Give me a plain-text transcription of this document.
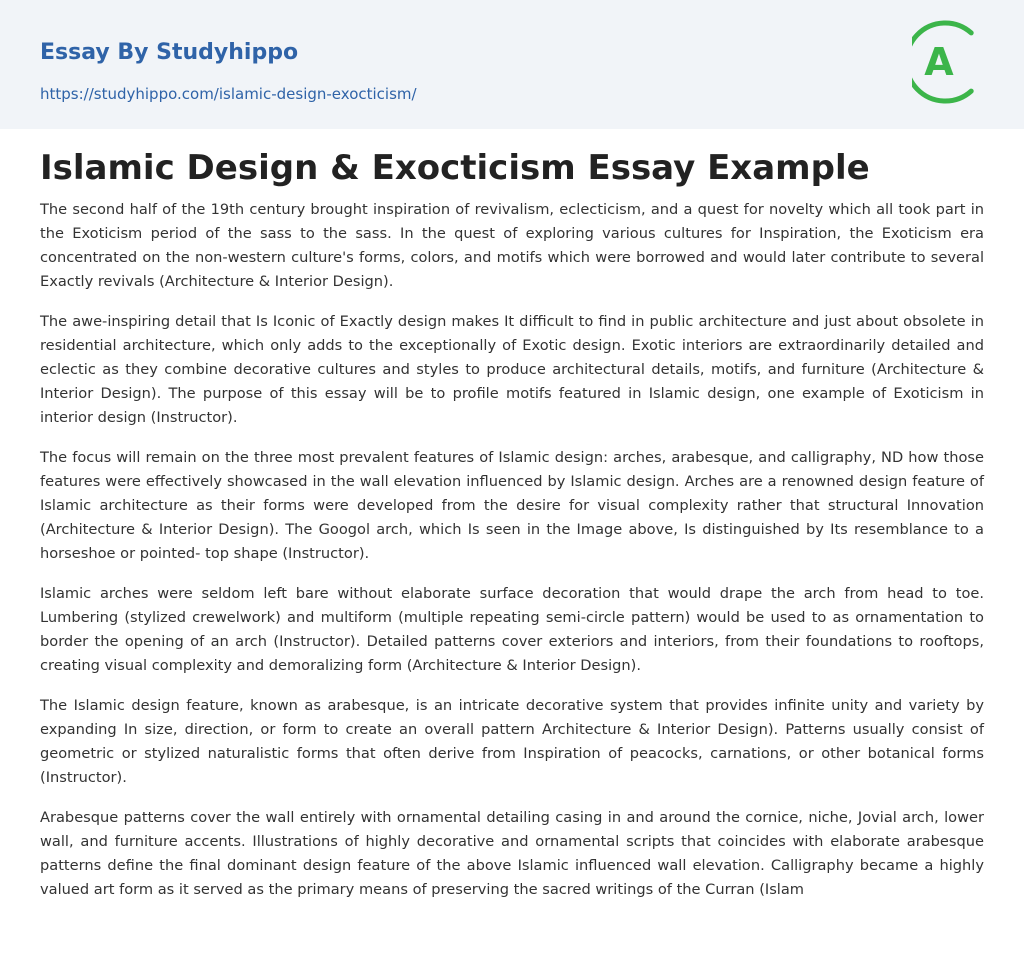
Essay By Studyhippo
https://studyhippo.com/islamic-design-exocticism/
A
Islamic Design & Exocticism Essay Example

The second half of the 19th century brought inspiration of revivalism, eclecticism, and a quest for novelty which all took part in the Exoticism period of the sass to the sass. In the quest of exploring various cultures for Inspiration, the Exoticism era concentrated on the non-western culture's forms, colors, and motifs which were borrowed and would later contribute to several Exactly revivals (Architecture & Interior Design).

The awe-inspiring detail that Is Iconic of Exactly design makes It difficult to find in public architecture and just about obsolete in residential architecture, which only adds to the exceptionally of Exotic design. Exotic interiors are extraordinarily detailed and eclectic as they combine decorative cultures and styles to produce architectural details, motifs, and furniture (Architecture & Interior Design). The purpose of this essay will be to profile motifs featured in Islamic design, one example of Exoticism in interior design (Instructor).

The focus will remain on the three most prevalent features of Islamic design: arches, arabesque, and calligraphy, ND how those features were effectively showcased in the wall elevation influenced by Islamic design. Arches are a renowned design feature of Islamic architecture as their forms were developed from the desire for visual complexity rather that structural Innovation (Architecture & Interior Design). The Googol arch, which Is seen in the Image above, Is distinguished by Its resemblance to a horseshoe or pointed- top shape (Instructor).

Islamic arches were seldom left bare without elaborate surface decoration that would drape the arch from head to toe. Lumbering (stylized crewelwork) and multiform (multiple repeating semi-circle pattern) would be used to as ornamentation to border the opening of an arch (Instructor). Detailed patterns cover exteriors and interiors, from their foundations to rooftops, creating visual complexity and demoralizing form (Architecture & Interior Design).

The Islamic design feature, known as arabesque, is an intricate decorative system that provides infinite unity and variety by expanding In size, direction, or form to create an overall pattern Architecture & Interior Design). Patterns usually consist of geometric or stylized naturalistic forms that often derive from Inspiration of peacocks, carnations, or other botanical forms (Instructor).

Arabesque patterns cover the wall entirely with ornamental detailing casing in and around the cornice, niche, Jovial arch, lower wall, and furniture accents. Illustrations of highly decorative and ornamental scripts that coincides with elaborate arabesque patterns define the final dominant design feature of the above Islamic influenced wall elevation. Calligraphy became a highly valued art form as it served as the primary means of preserving the sacred writings of the Curran (Islam
